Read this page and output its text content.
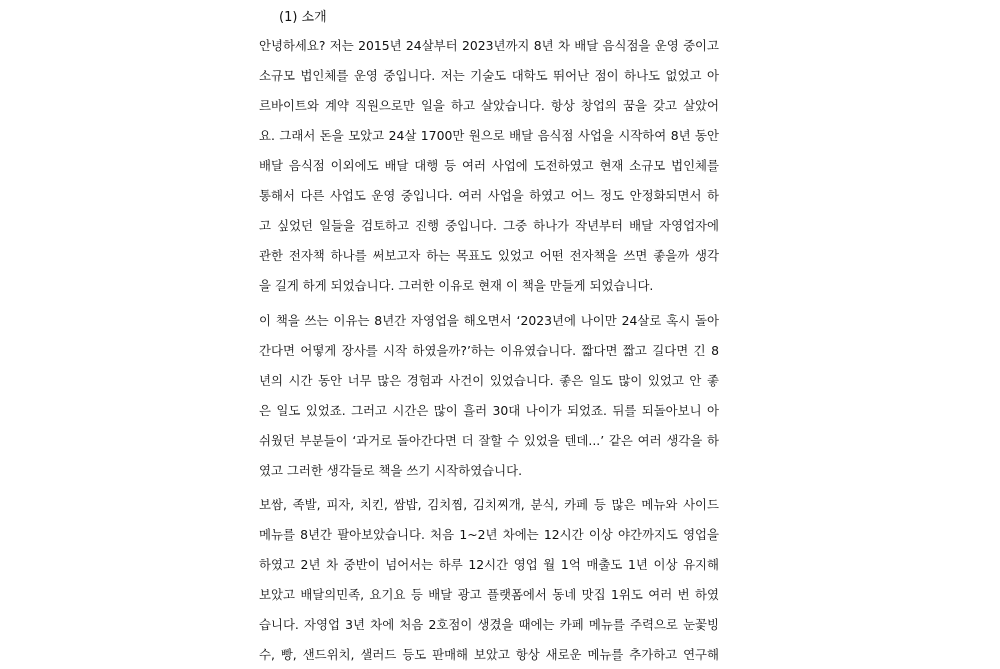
(1) 소개
안녕하세요? 저는 2015년 24살부터 2023년까지 8년 차 배달 음식점을 운영 중이고
소규모 법인체를 운영 중입니다. 저는 기술도 대학도 뛰어난 점이 하나도 없었고 아
르바이트와 계약 직원으로만 일을 하고 살았습니다. 항상 창업의 꿈을 갖고 살았어
요. 그래서 돈을 모았고 24살 1700만 원으로 배달 음식점 사업을 시작하여 8년 동안
배달 음식점 이외에도 배달 대행 등 여러 사업에 도전하였고 현재 소규모 법인체를
통해서 다른 사업도 운영 중입니다. 여러 사업을 하였고 어느 정도 안정화되면서 하
고 싶었던 일들을 검토하고 진행 중입니다. 그중 하나가 작년부터 배달 자영업자에
관한 전자책 하나를 써보고자 하는 목표도 있었고 어떤 전자책을 쓰면 좋을까 생각
을 길게 하게 되었습니다. 그러한 이유로 현재 이 책을 만들게 되었습니다.
이 책을 쓰는 이유는 8년간 자영업을 해오면서 ‘2023년에 나이만 24살로 혹시 돌아
간다면 어떻게 장사를 시작 하였을까?’하는 이유였습니다. 짧다면 짧고 길다면 긴 8
년의 시간 동안 너무 많은 경험과 사건이 있었습니다. 좋은 일도 많이 있었고 안 좋
은 일도 있었죠. 그러고 시간은 많이 흘러 30대 나이가 되었죠. 뒤를 되돌아보니 아
쉬웠던 부분들이 ‘과거로 돌아간다면 더 잘할 수 있었을 텐데...’ 같은 여러 생각을 하
였고 그러한 생각들로 책을 쓰기 시작하였습니다.
보쌈, 족발, 피자, 치킨, 쌈밥, 김치찜, 김치찌개, 분식, 카페 등 많은 메뉴와 사이드
메뉴를 8년간 팔아보았습니다. 처음 1~2년 차에는 12시간 이상 야간까지도 영업을
하였고 2년 차 중반이 넘어서는 하루 12시간 영업 월 1억 매출도 1년 이상 유지해
보았고 배달의민족, 요기요 등 배달 광고 플랫폼에서 동네 맛집 1위도 여러 번 하였
습니다. 자영업 3년 차에 처음 2호점이 생겼을 때에는 카페 메뉴를 주력으로 눈꽃빙
수, 빵, 샌드위치, 샐러드 등도 판매해 보았고 항상 새로운 메뉴를 추가하고 연구해
